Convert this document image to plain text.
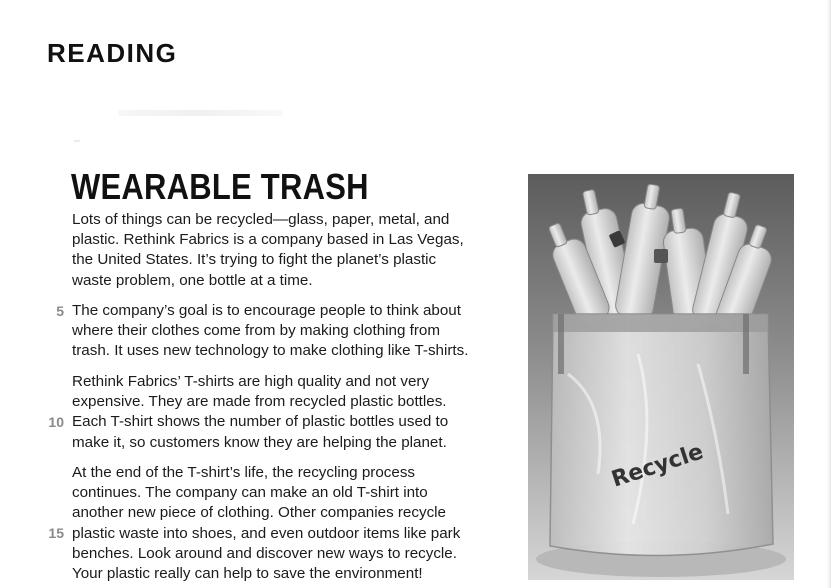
READING
WEARABLE TRASH

Lots of things can be recycled—glass, paper, metal, and
plastic. Rethink Fabrics is a company based in Las Vegas,
the United States. It’s trying to fight the planet’s plastic
waste problem, one bottle at a time.

The company’s goal is to encourage people to think about
where their clothes come from by making clothing from
trash. It uses new technology to make clothing like T-shirts.

Rethink Fabrics’ T-shirts are high quality and not very
expensive. They are made from recycled plastic bottles.
Each T-shirt shows the number of plastic bottles used to
make it, so customers know they are helping the planet.

At the end of the T-shirt’s life, the recycling process
continues. The company can make an old T-shirt into
another new piece of clothing. Other companies recycle
plastic waste into shoes, and even outdoor items like park
benches. Look around and discover new ways to recycle.
Your plastic really can help to save the environment!

5
10
15
Recycle
